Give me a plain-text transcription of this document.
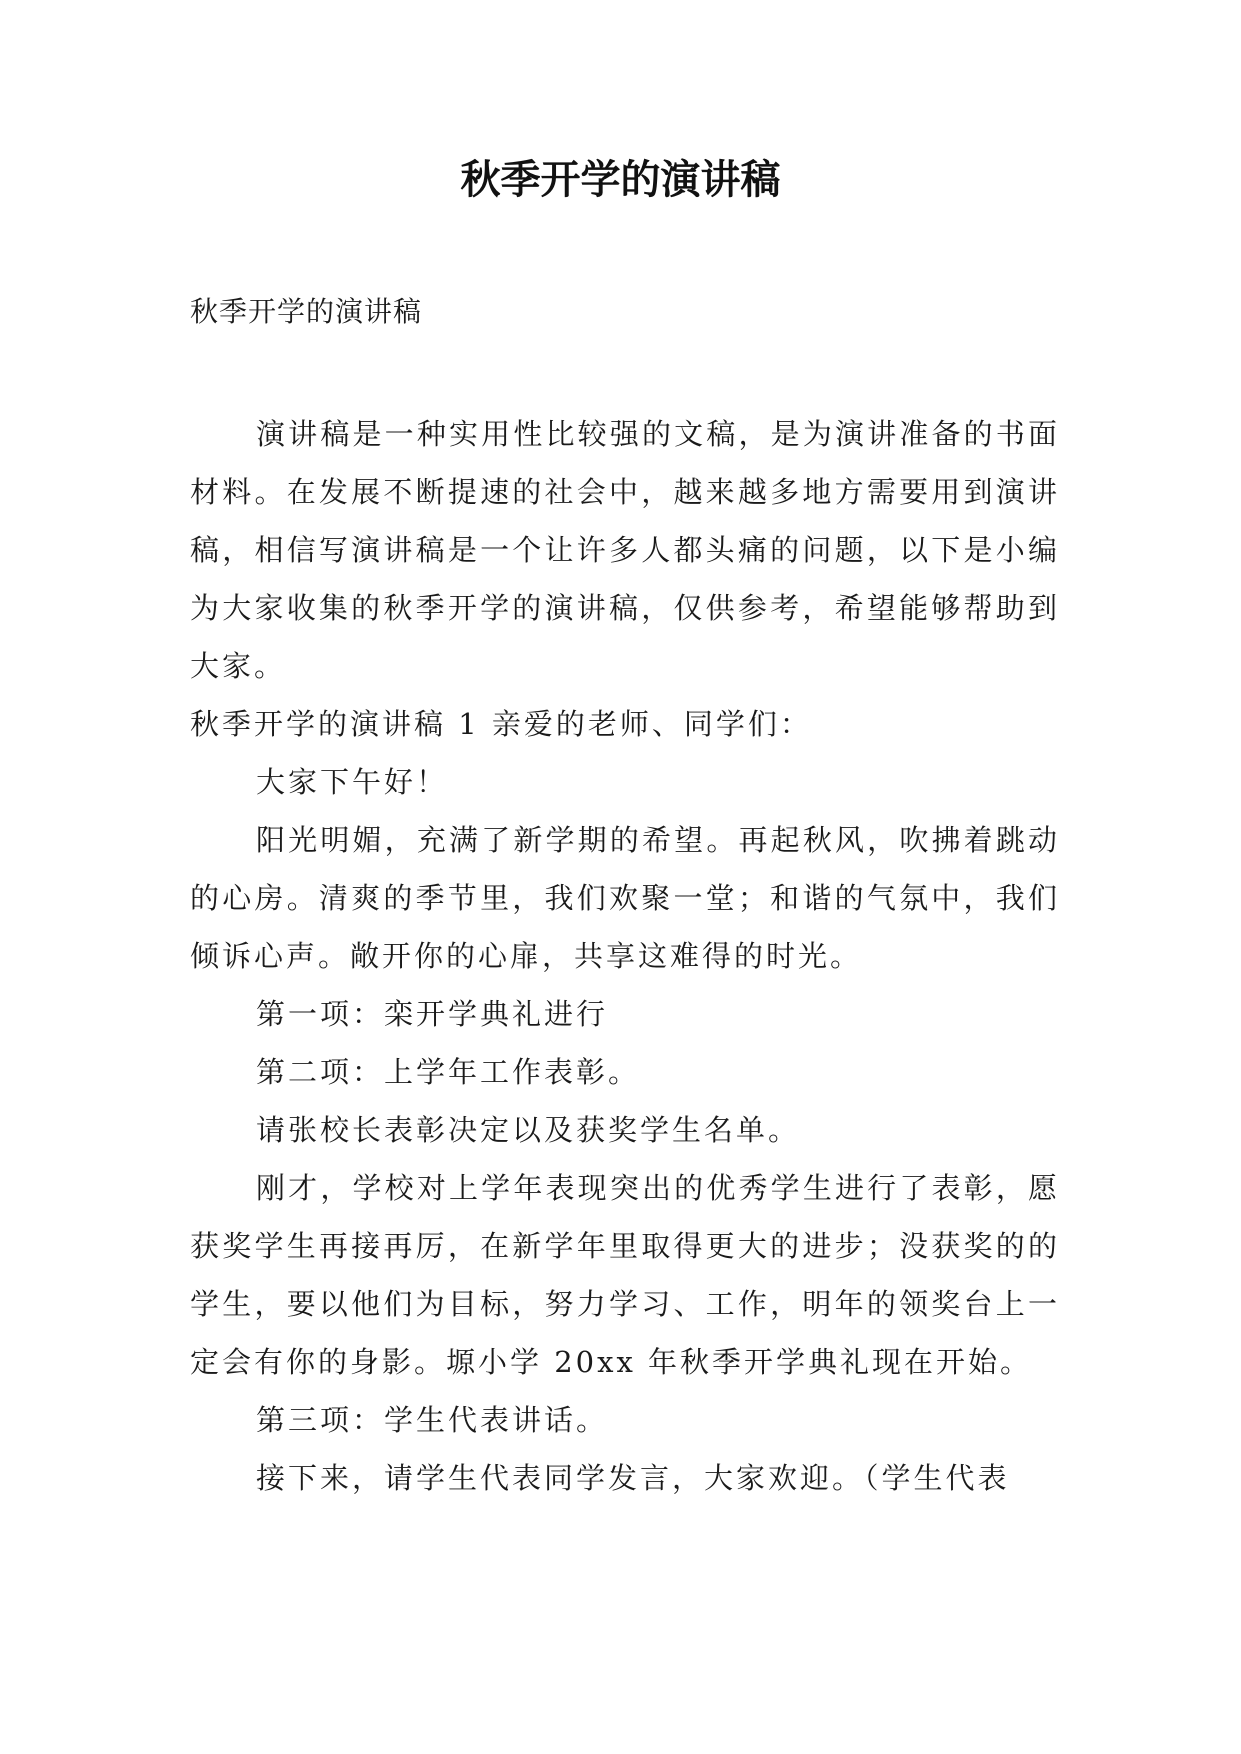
秋季开学的演讲稿
秋季开学的演讲稿

演讲稿是一种实用性比较强的文稿，是为演讲准备的书面材料。在发展不断提速的社会中，越来越多地方需要用到演讲稿，相信写演讲稿是一个让许多人都头痛的问题，以下是小编为大家收集的秋季开学的演讲稿，仅供参考，希望能够帮助到大家。

秋季开学的演讲稿 1 亲爱的老师、同学们：

大家下午好！

阳光明媚，充满了新学期的希望。再起秋风，吹拂着跳动的心房。清爽的季节里，我们欢聚一堂；和谐的气氛中，我们倾诉心声。敞开你的心扉，共享这难得的时光。

第一项：栾开学典礼进行

第二项：上学年工作表彰。

请张校长表彰决定以及获奖学生名单。

刚才，学校对上学年表现突出的优秀学生进行了表彰，愿获奖学生再接再厉，在新学年里取得更大的进步；没获奖的的学生，要以他们为目标，努力学习、工作，明年的领奖台上一定会有你的身影。塬小学 20xx 年秋季开学典礼现在开始。

第三项：学生代表讲话。

接下来，请学生代表同学发言，大家欢迎。（学生代表
